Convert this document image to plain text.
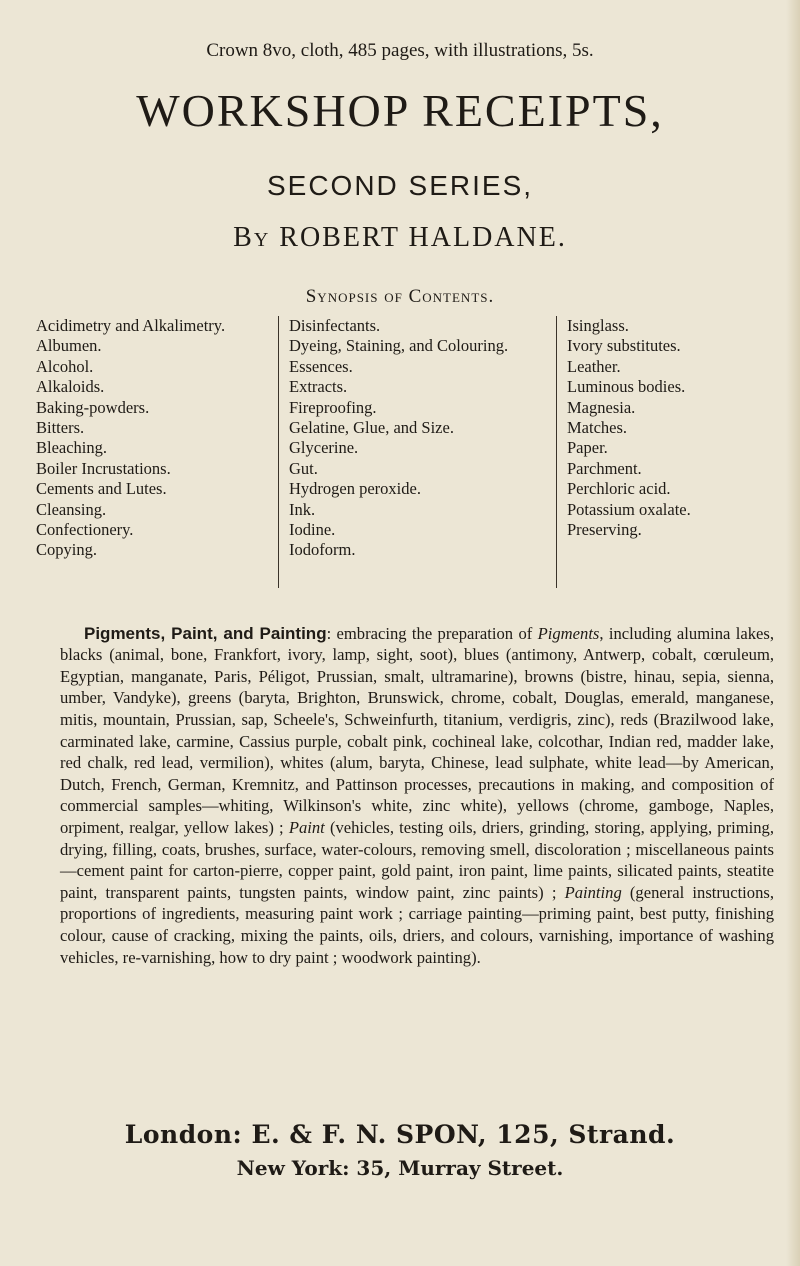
Crown 8vo, cloth, 485 pages, with illustrations, 5s.
WORKSHOP RECEIPTS,
SECOND SERIES,
By ROBERT HALDANE.
Synopsis of Contents.
Acidimetry and Alkalimetry.
Albumen.
Alcohol.
Alkaloids.
Baking-powders.
Bitters.
Bleaching.
Boiler Incrustations.
Cements and Lutes.
Cleansing.
Confectionery.
Copying.
Disinfectants.
Dyeing, Staining, and Colouring.
Essences.
Extracts.
Fireproofing.
Gelatine, Glue, and Size.
Glycerine.
Gut.
Hydrogen peroxide.
Ink.
Iodine.
Iodoform.
Isinglass.
Ivory substitutes.
Leather.
Luminous bodies.
Magnesia.
Matches.
Paper.
Parchment.
Perchloric acid.
Potassium oxalate.
Preserving.

Pigments, Paint, and Painting: embracing the preparation of Pigments, including alumina lakes, blacks (animal, bone, Frankfort, ivory, lamp, sight, soot), blues (antimony, Antwerp, cobalt, cœruleum, Egyptian, manganate, Paris, Péligot, Prussian, smalt, ultramarine), browns (bistre, hinau, sepia, sienna, umber, Vandyke), greens (baryta, Brighton, Brunswick, chrome, cobalt, Douglas, emerald, manganese, mitis, mountain, Prussian, sap, Scheele's, Schweinfurth, titanium, verdigris, zinc), reds (Brazilwood lake, carminated lake, carmine, Cassius purple, cobalt pink, cochineal lake, colcothar, Indian red, madder lake, red chalk, red lead, vermilion), whites (alum, baryta, Chinese, lead sulphate, white lead—by American, Dutch, French, German, Kremnitz, and Pattinson processes, precautions in making, and composition of commercial samples—whiting, Wilkinson's white, zinc white), yellows (chrome, gamboge, Naples, orpiment, realgar, yellow lakes) ; Paint (vehicles, testing oils, driers, grinding, storing, applying, priming, drying, filling, coats, brushes, surface, water-colours, removing smell, discoloration ; miscellaneous paints—cement paint for carton-pierre, copper paint, gold paint, iron paint, lime paints, silicated paints, steatite paint, transparent paints, tungsten paints, window paint, zinc paints) ; Painting (general instructions, proportions of ingredients, measuring paint work ; carriage painting—priming paint, best putty, finishing colour, cause of cracking, mixing the paints, oils, driers, and colours, varnishing, importance of washing vehicles, re-varnishing, how to dry paint ; woodwork painting).

London: E. & F. N. SPON, 125, Strand.
New York: 35, Murray Street.
